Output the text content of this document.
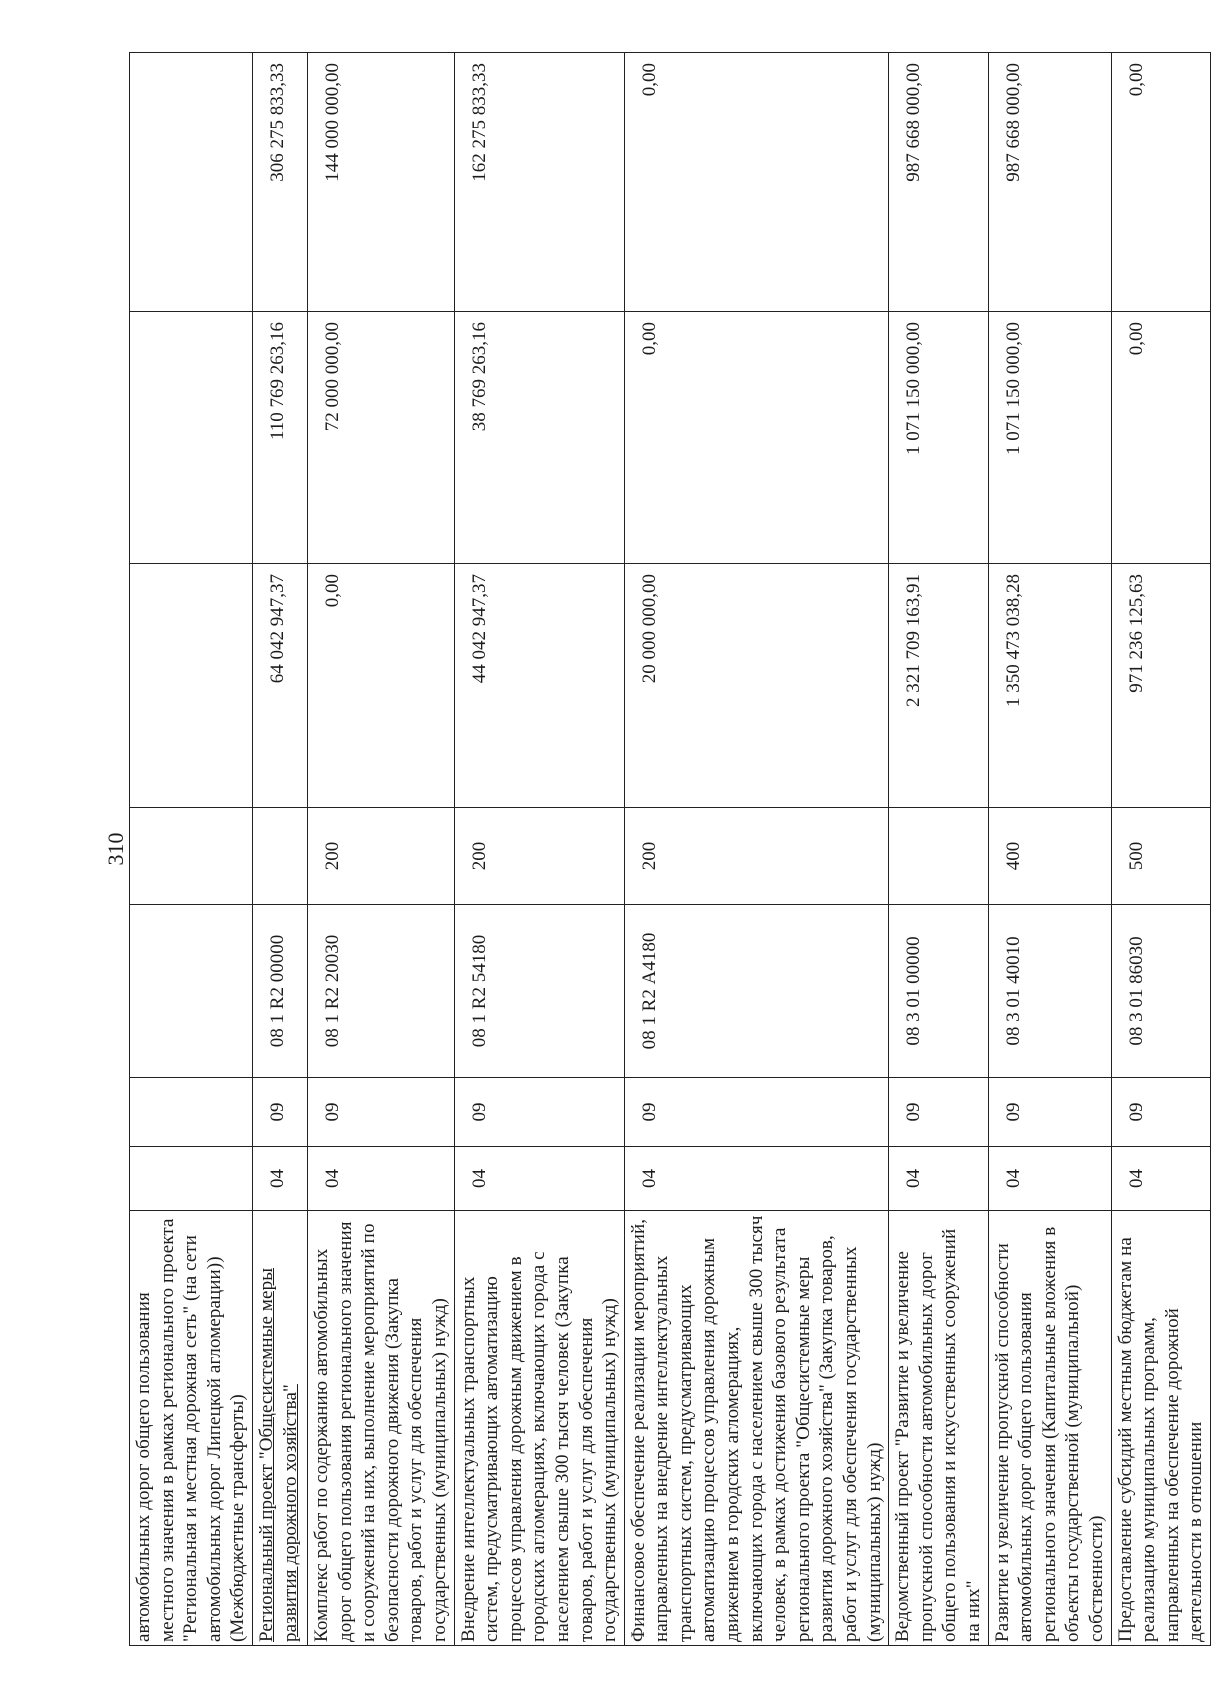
310
автомобильных дорог общего пользования местного значения в рамках регионального проекта "Региональная и местная дорожная сеть" (на сети автомобильных дорог Липецкой агломерации)) (Межбюджетные трансферты)							
Региональный проект "Общесистемные меры развития дорожного хозяйства"	04	09	08 1 R2 00000		64 042 947,37	110 769 263,16	306 275 833,33
Комплекс работ по содержанию автомобильных дорог общего пользования регионального значения и сооружений на них, выполнение мероприятий по безопасности дорожного движения (Закупка товаров, работ и услуг для обеспечения государственных (муниципальных) нужд)	04	09	08 1 R2 20030	200	0,00	72 000 000,00	144 000 000,00
Внедрение интеллектуальных транспортных систем, предусматривающих автоматизацию процессов управления дорожным движением в городских агломерациях, включающих города с населением свыше 300 тысяч человек (Закупка товаров, работ и услуг для обеспечения государственных (муниципальных) нужд)	04	09	08 1 R2 54180	200	44 042 947,37	38 769 263,16	162 275 833,33
Финансовое обеспечение реализации мероприятий, направленных на внедрение интеллектуальных транспортных систем, предусматривающих автоматизацию процессов управления дорожным движением в городских агломерациях, включающих города с населением свыше 300 тысяч человек, в рамках достижения базового результата регионального проекта "Общесистемные меры развития дорожного хозяйства" (Закупка товаров, работ и услуг для обеспечения государственных (муниципальных) нужд)	04	09	08 1 R2 А4180	200	20 000 000,00	0,00	0,00
Ведомственный проект "Развитие и увеличение пропускной способности автомобильных дорог общего пользования и искусственных сооружений на них"	04	09	08 3 01 00000		2 321 709 163,91	1 071 150 000,00	987 668 000,00
Развитие и увеличение пропускной способности автомобильных дорог общего пользования регионального значения (Капитальные вложения в объекты государственной (муниципальной) собственности)	04	09	08 3 01 40010	400	1 350 473 038,28	1 071 150 000,00	987 668 000,00
Предоставление субсидий местным бюджетам на реализацию муниципальных программ, направленных на обеспечение дорожной деятельности в отношении	04	09	08 3 01 86030	500	971 236 125,63	0,00	0,00
